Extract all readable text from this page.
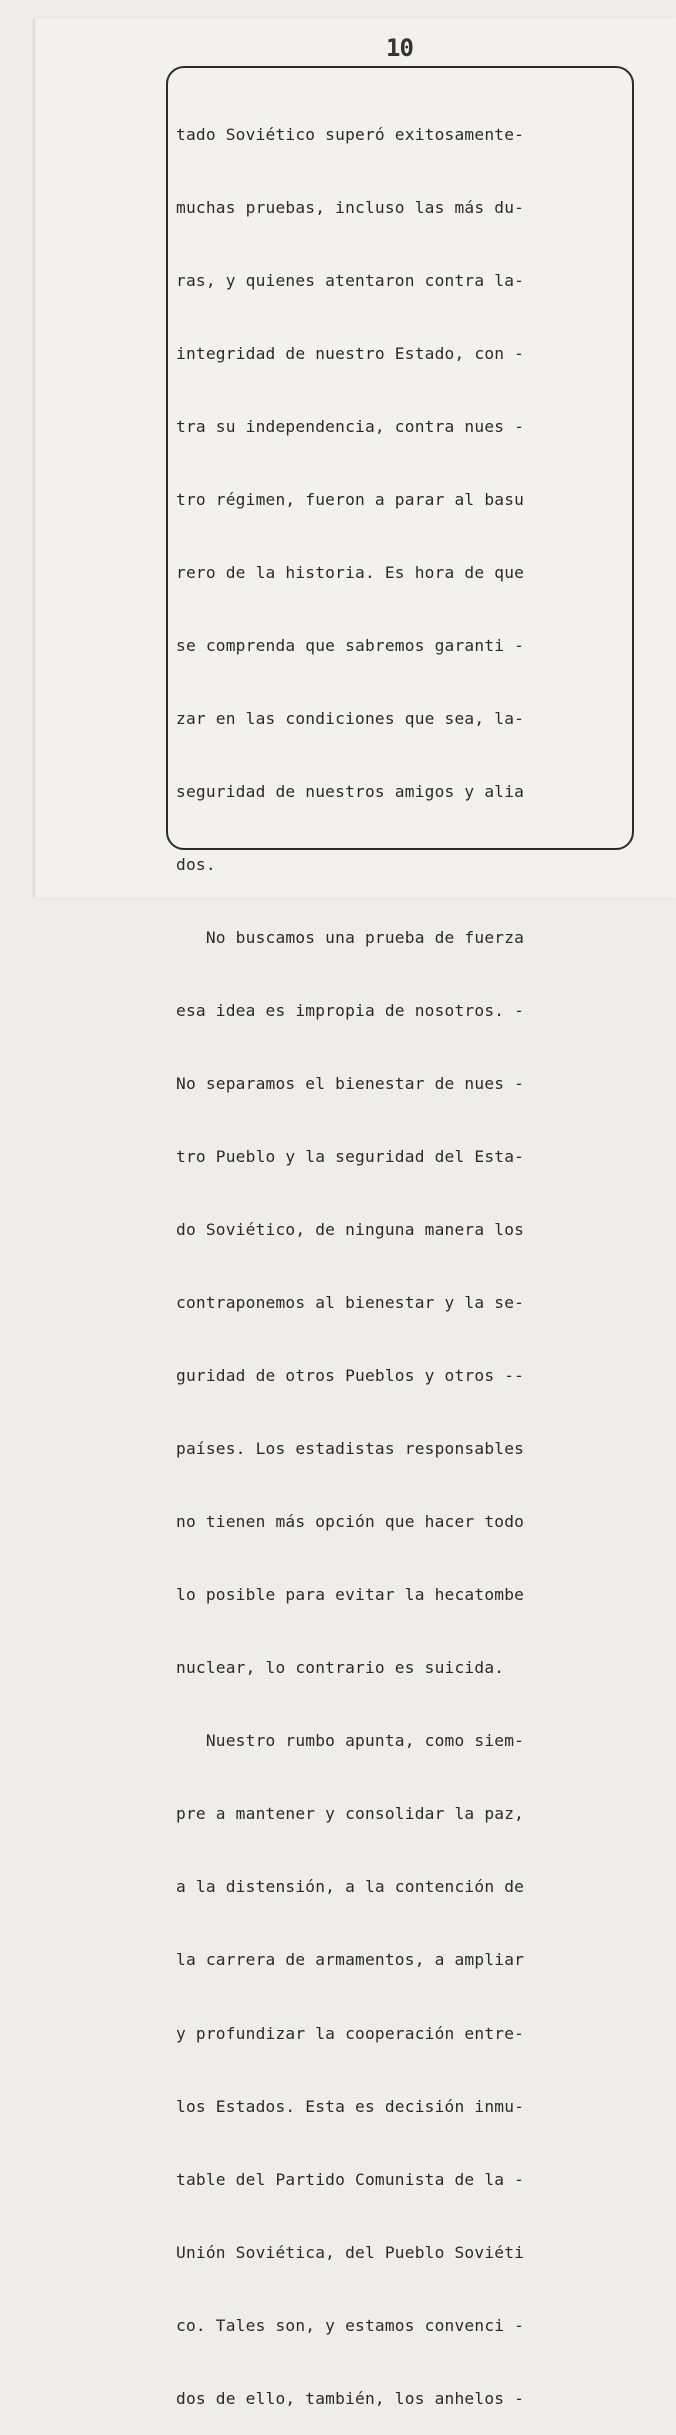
10

tado Soviético superó exitosamente-

muchas pruebas, incluso las más du-

ras, y quienes atentaron contra la-

integridad de nuestro Estado, con -

tra su independencia, contra nues -

tro régimen, fueron a parar al basu

rero de la historia. Es hora de que

se comprenda que sabremos garanti -

zar en las condiciones que sea, la-

seguridad de nuestros amigos y alia

dos.

No buscamos una prueba de fuerza

esa idea es impropia de nosotros. -

No separamos el bienestar de nues -

tro Pueblo y la seguridad del Esta-

do Soviético, de ninguna manera los

contraponemos al bienestar y la se-

guridad de otros Pueblos y otros --

países. Los estadistas responsables

no tienen más opción que hacer todo

lo posible para evitar la hecatombe

nuclear, lo contrario es suicida.

Nuestro rumbo apunta, como siem-

pre a mantener y consolidar la paz,

a la distensión, a la contención de

la carrera de armamentos, a ampliar

y profundizar la cooperación entre-

los Estados. Esta es decisión inmu-

table del Partido Comunista de la -

Unión Soviética, del Pueblo Soviéti

co. Tales son, y estamos convenci -

dos de ello, también, los anhelos -
